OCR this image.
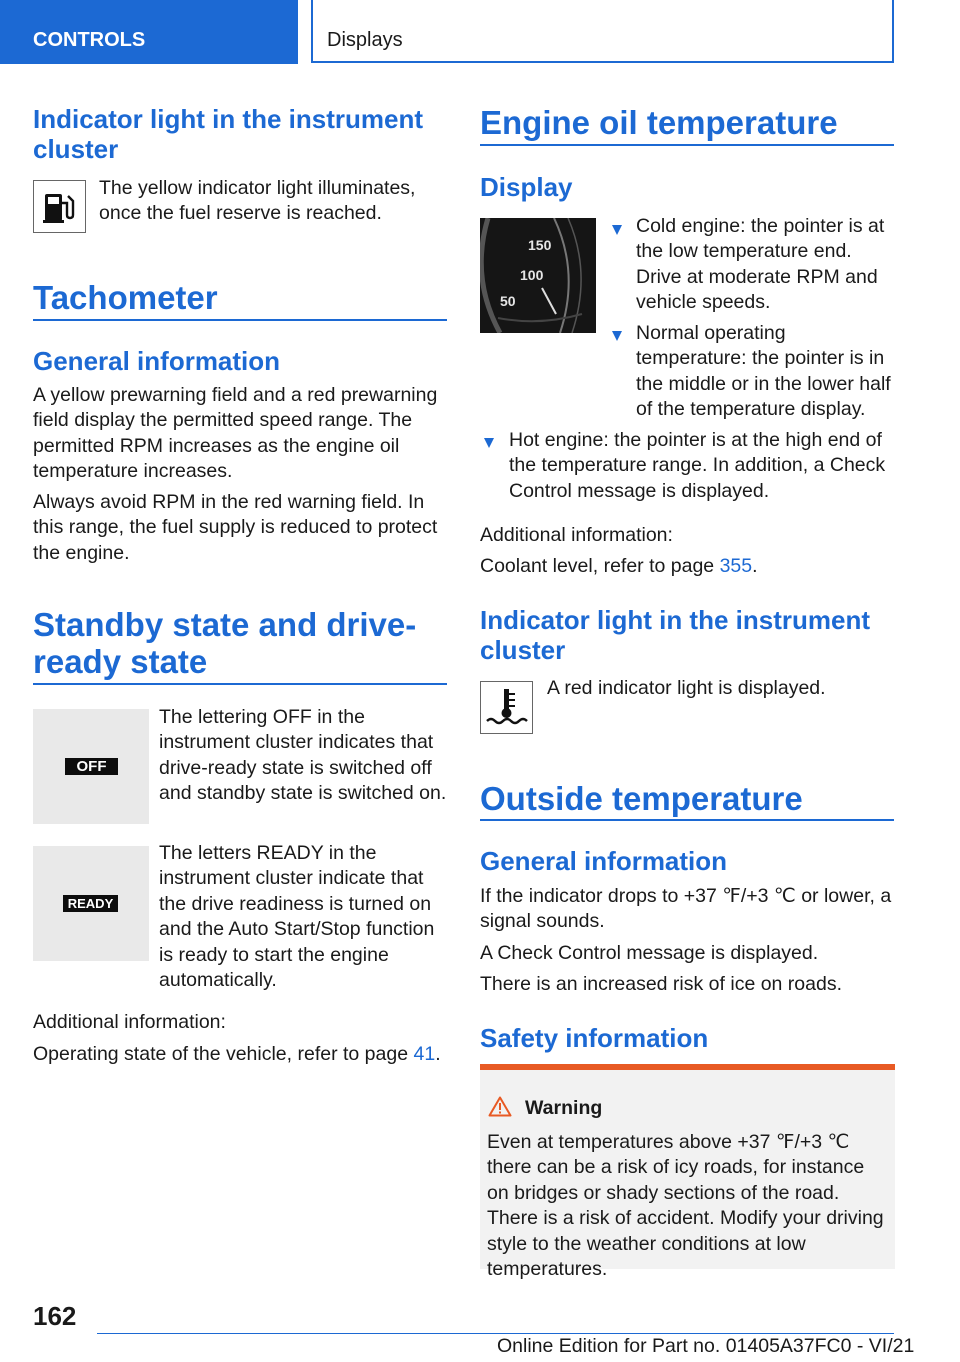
CONTROLS	Displays
Indicator light in the instrument cluster

The yellow indicator light illuminates, once the fuel reserve is reached.

Tachometer
General information

A yellow prewarning field and a red prewarning field display the permitted speed range. The permitted RPM increases as the engine oil temperature increases.

Always avoid RPM in the red warning field. In this range, the fuel supply is reduced to protect the engine.

Standby state and drive-ready state
OFF

The lettering OFF in the instrument cluster indicates that drive-ready state is switched off and standby state is switched on.

READY

The letters READY in the instrument cluster indicate that the drive readiness is turned on and the Auto Start/Stop function is ready to start the engine automatically.

Additional information:

Operating state of the vehicle, refer to page 41.

Engine oil temperature
Display
150
100
50
Cold engine: the pointer is at the low temperature end. Drive at moderate RPM and vehicle speeds.
Normal operating temperature: the pointer is in the middle or in the lower half of the temperature display.
Hot engine: the pointer is at the high end of the temperature range. In addition, a Check Control message is displayed.

Additional information:

Coolant level, refer to page 355.

Indicator light in the instrument cluster

A red indicator light is displayed.

Outside temperature
General information

If the indicator drops to +37 ℉/+3 ℃ or lower, a signal sounds.

A Check Control message is displayed.

There is an increased risk of ice on roads.

Safety information
Warning
Even at temperatures above +37 ℉/+3 ℃ there can be a risk of icy roads, for instance on bridges or shady sections of the road. There is a risk of accident. Modify your driving style to the weather conditions at low temperatures.
162
Online Edition for Part no. 01405A37FC0 - VI/21
